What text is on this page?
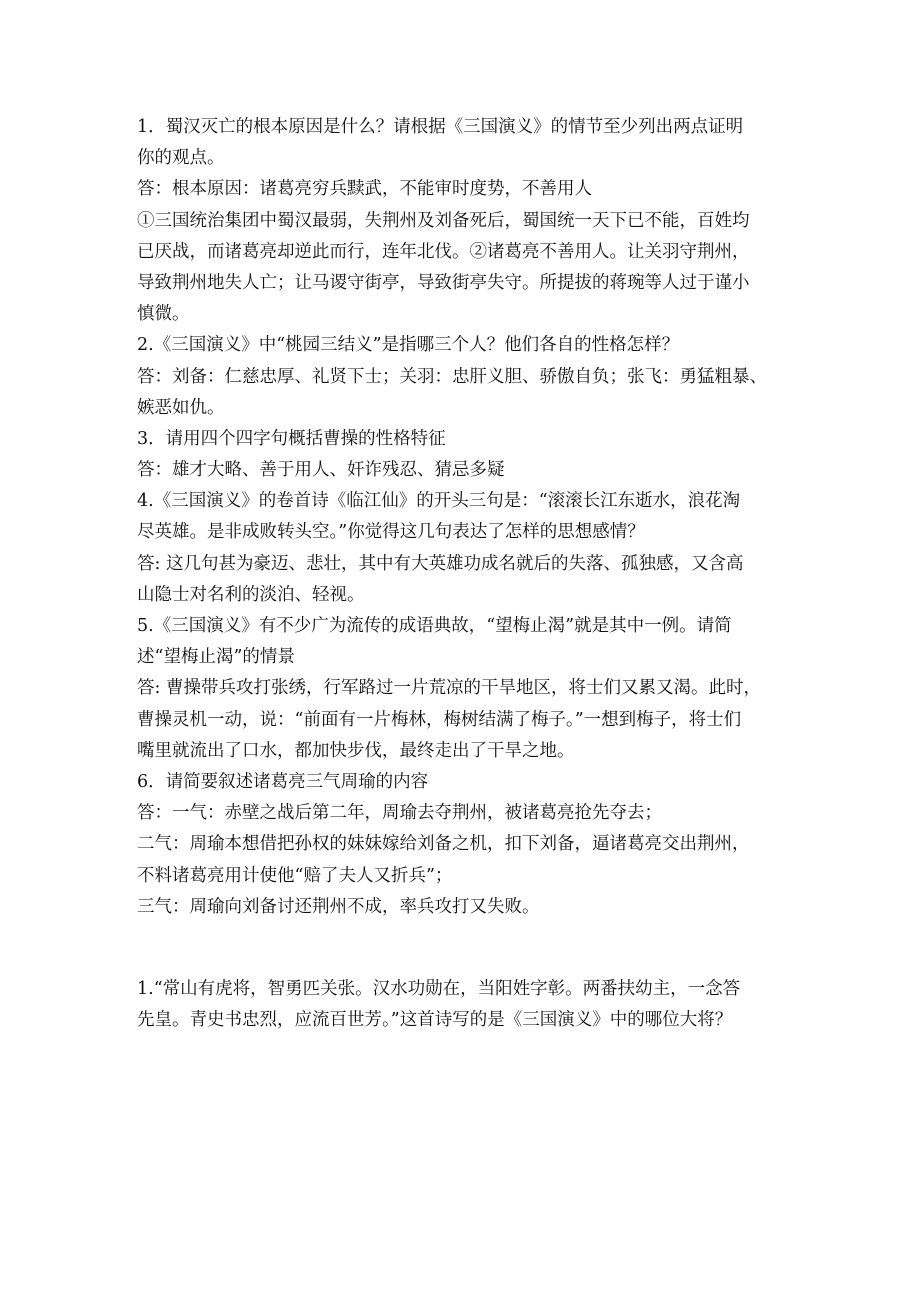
1．蜀汉灭亡的根本原因是什么？请根据《三国演义》的情节至少列出两点证明

你的观点。

答：根本原因：诸葛亮穷兵黩武，不能审时度势，不善用人

①三国统治集团中蜀汉最弱，失荆州及刘备死后，蜀国统一天下已不能，百姓均

已厌战，而诸葛亮却逆此而行，连年北伐。②诸葛亮不善用人。让关羽守荆州，

导致荆州地失人亡；让马谡守街亭，导致街亭失守。所提拔的蒋琬等人过于谨小

慎微。

2.《三国演义》中“桃园三结义”是指哪三个人？他们各自的性格怎样？

答：刘备：仁慈忠厚、礼贤下士；关羽：忠肝义胆、骄傲自负；张飞：勇猛粗暴、

嫉恶如仇。

3．请用四个四字句概括曹操的性格特征

答：雄才大略、善于用人、奸诈残忍、猜忌多疑

4.《三国演义》的卷首诗《临江仙》的开头三句是：“滚滚长江东逝水，浪花淘

尽英雄。是非成败转头空。”你觉得这几句表达了怎样的思想感情？

答: 这几句甚为豪迈、悲壮，其中有大英雄功成名就后的失落、孤独感，又含高

山隐士对名利的淡泊、轻视。

5.《三国演义》有不少广为流传的成语典故，“望梅止渴”就是其中一例。请简

述“望梅止渴”的情景

答: 曹操带兵攻打张绣，行军路过一片荒凉的干旱地区，将士们又累又渴。此时，

曹操灵机一动，说：“前面有一片梅林，梅树结满了梅子。”一想到梅子，将士们

嘴里就流出了口水，都加快步伐，最终走出了干旱之地。

6．请简要叙述诸葛亮三气周瑜的内容

答：一气：赤壁之战后第二年，周瑜去夺荆州，被诸葛亮抢先夺去；

二气：周瑜本想借把孙权的妹妹嫁给刘备之机，扣下刘备，逼诸葛亮交出荆州，

不料诸葛亮用计使他“赔了夫人又折兵”；

三气：周瑜向刘备讨还荆州不成，率兵攻打又失败。

1.“常山有虎将，智勇匹关张。汉水功勋在，当阳姓字彰。两番扶幼主，一念答

先皇。青史书忠烈，应流百世芳。”这首诗写的是《三国演义》中的哪位大将？
